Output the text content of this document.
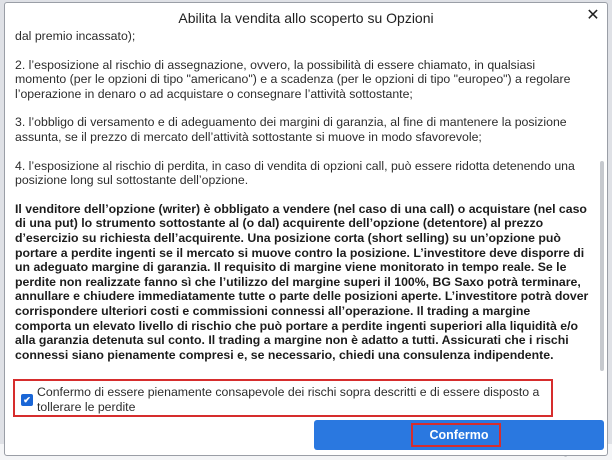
Abilita la vendita allo scoperto su Opzioni	✕

dal premio incassato);

2. l’esposizione al rischio di assegnazione, ovvero, la possibilità di essere chiamato, in qualsiasi momento (per le opzioni di tipo "americano") e a scadenza (per le opzioni di tipo "europeo") a regolare l’operazione in denaro o ad acquistare o consegnare l’attività sottostante;

3. l’obbligo di versamento e di adeguamento dei margini di garanzia, al fine di mantenere la posizione assunta, se il prezzo di mercato dell’attività sottostante si muove in modo sfavorevole;

4. l’esposizione al rischio di perdita, in caso di vendita di opzioni call, può essere ridotta detenendo una posizione long sul sottostante dell’opzione.

Il venditore dell’opzione (writer) è obbligato a vendere (nel caso di una call) o acquistare (nel caso di una put) lo strumento sottostante al (o dal) acquirente dell’opzione (detentore) al prezzo d’esercizio su richiesta dell’acquirente. Una posizione corta (short selling) su un’opzione può portare a perdite ingenti se il mercato si muove contro la posizione. L’investitore deve disporre di un adeguato margine di garanzia. Il requisito di margine viene monitorato in tempo reale. Se le perdite non realizzate fanno sì che l’utilizzo del margine superi il 100%, BG Saxo potrà terminare, annullare e chiudere immediatamente tutte o parte delle posizioni aperte. L’investitore potrà dover corrispondere ulteriori costi e commissioni connessi all’operazione. Il trading a margine comporta un elevato livello di rischio che può portare a perdite ingenti superiori alla liquidità e/o alla garanzia detenuta sul conto. Il trading a margine non è adatto a tutti. Assicurati che i rischi connessi siano pienamente compresi e, se necessario, chiedi una consulenza indipendente.

✔
Confermo di essere pienamente consapevole dei rischi sopra descritti e di essere disposto a tollerare le perdite
Confermo
